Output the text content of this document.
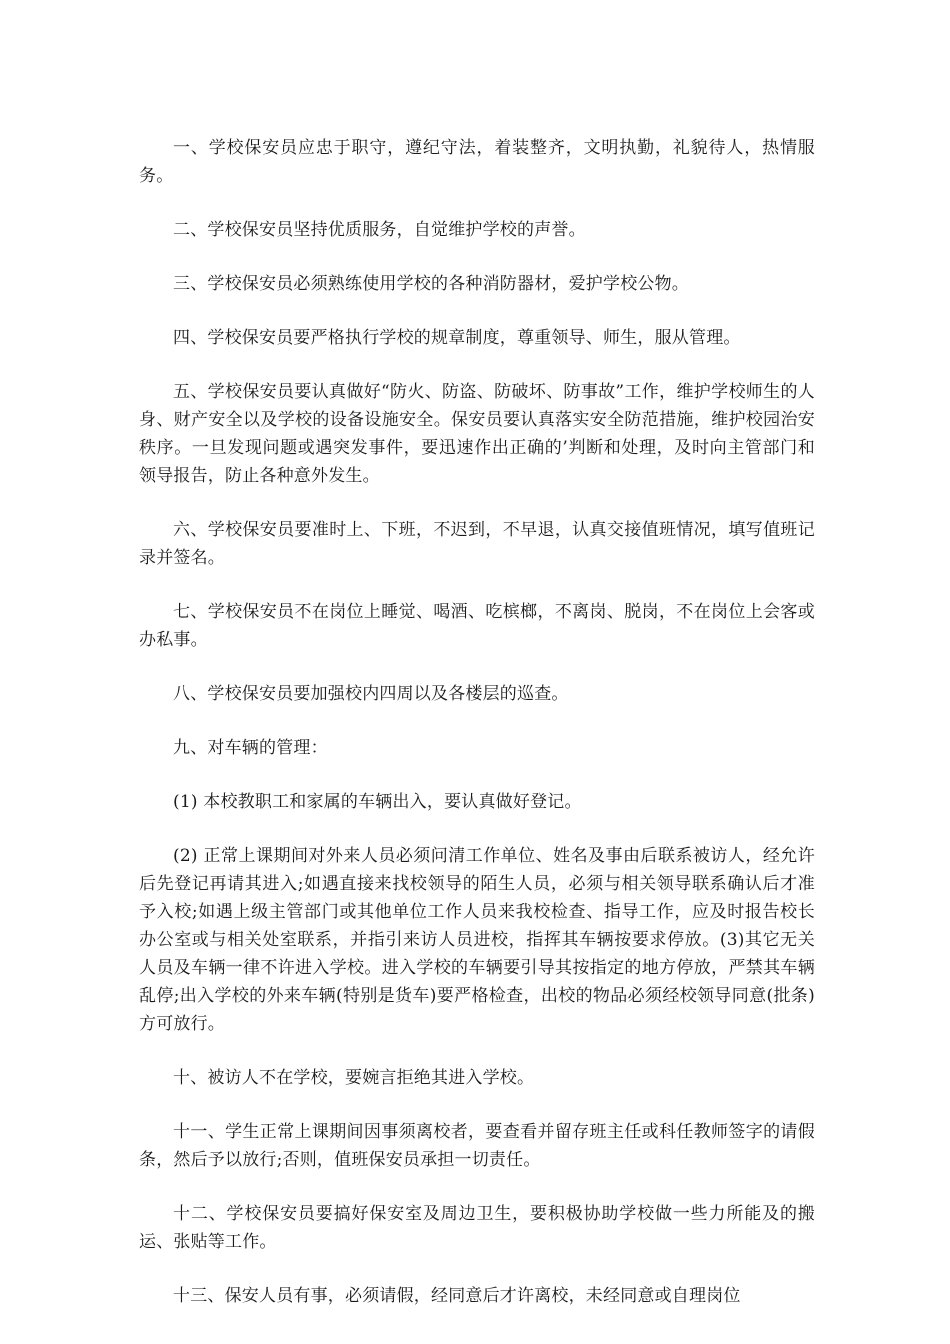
一、学校保安员应忠于职守，遵纪守法，着装整齐，文明执勤，礼貌待人，热情服务。

二、学校保安员坚持优质服务，自觉维护学校的声誉。

三、学校保安员必须熟练使用学校的各种消防器材，爱护学校公物。

四、学校保安员要严格执行学校的规章制度，尊重领导、师生，服从管理。

五、学校保安员要认真做好“防火、防盗、防破坏、防事故”工作，维护学校师生的人身、财产安全以及学校的设备设施安全。保安员要认真落实安全防范措施，维护校园治安秩序。一旦发现问题或遇突发事件，要迅速作出正确的’判断和处理，及时向主管部门和领导报告，防止各种意外发生。

六、学校保安员要准时上、下班，不迟到，不早退，认真交接值班情况，填写值班记录并签名。

七、学校保安员不在岗位上睡觉、喝酒、吃槟榔，不离岗、脱岗，不在岗位上会客或办私事。

八、学校保安员要加强校内四周以及各楼层的巡查。

九、对车辆的管理：

(1) 本校教职工和家属的车辆出入，要认真做好登记。

(2) 正常上课期间对外来人员必须问清工作单位、姓名及事由后联系被访人，经允许后先登记再请其进入;如遇直接来找校领导的陌生人员，必须与相关领导联系确认后才准予入校;如遇上级主管部门或其他单位工作人员来我校检查、指导工作，应及时报告校长办公室或与相关处室联系，并指引来访人员进校，指挥其车辆按要求停放。(3)其它无关人员及车辆一律不许进入学校。进入学校的车辆要引导其按指定的地方停放，严禁其车辆乱停;出入学校的外来车辆(特别是货车)要严格检查，出校的物品必须经校领导同意(批条)方可放行。

十、被访人不在学校，要婉言拒绝其进入学校。

十一、学生正常上课期间因事须离校者，要查看并留存班主任或科任教师签字的请假条，然后予以放行;否则，值班保安员承担一切责任。

十二、学校保安员要搞好保安室及周边卫生，要积极协助学校做一些力所能及的搬运、张贴等工作。

十三、保安人员有事，必须请假，经同意后才许离校，未经同意或自理岗位
